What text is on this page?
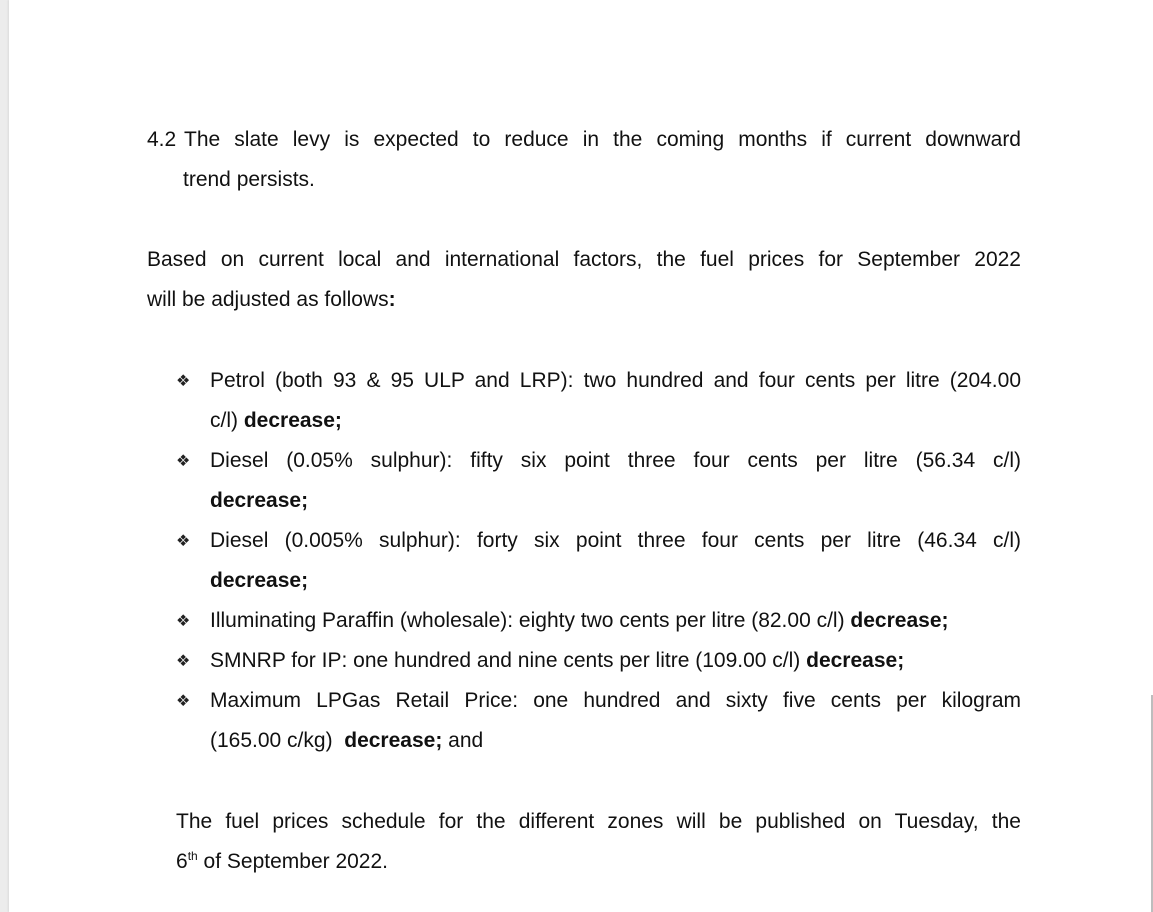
4.2 The slate levy is expected to reduce in the coming months if current downward

trend persists.

Based on current local and international factors, the fuel prices for September 2022

will be adjusted as follows:

❖ Petrol (both 93 & 95 ULP and LRP): two hundred and four cents per litre (204.00

c/l) decrease;

❖ Diesel (0.05% sulphur): fifty six point three four cents per litre (56.34 c/l)

decrease;

❖ Diesel (0.005% sulphur): forty six point three four cents per litre (46.34 c/l)

decrease;

❖ Illuminating Paraffin (wholesale): eighty two cents per litre (82.00 c/l) decrease;

❖ SMNRP for IP: one hundred and nine cents per litre (109.00 c/l) decrease;

❖ Maximum LPGas Retail Price: one hundred and sixty five cents per kilogram

(165.00 c/kg) decrease; and

The fuel prices schedule for the different zones will be published on Tuesday, the

6th of September 2022.
